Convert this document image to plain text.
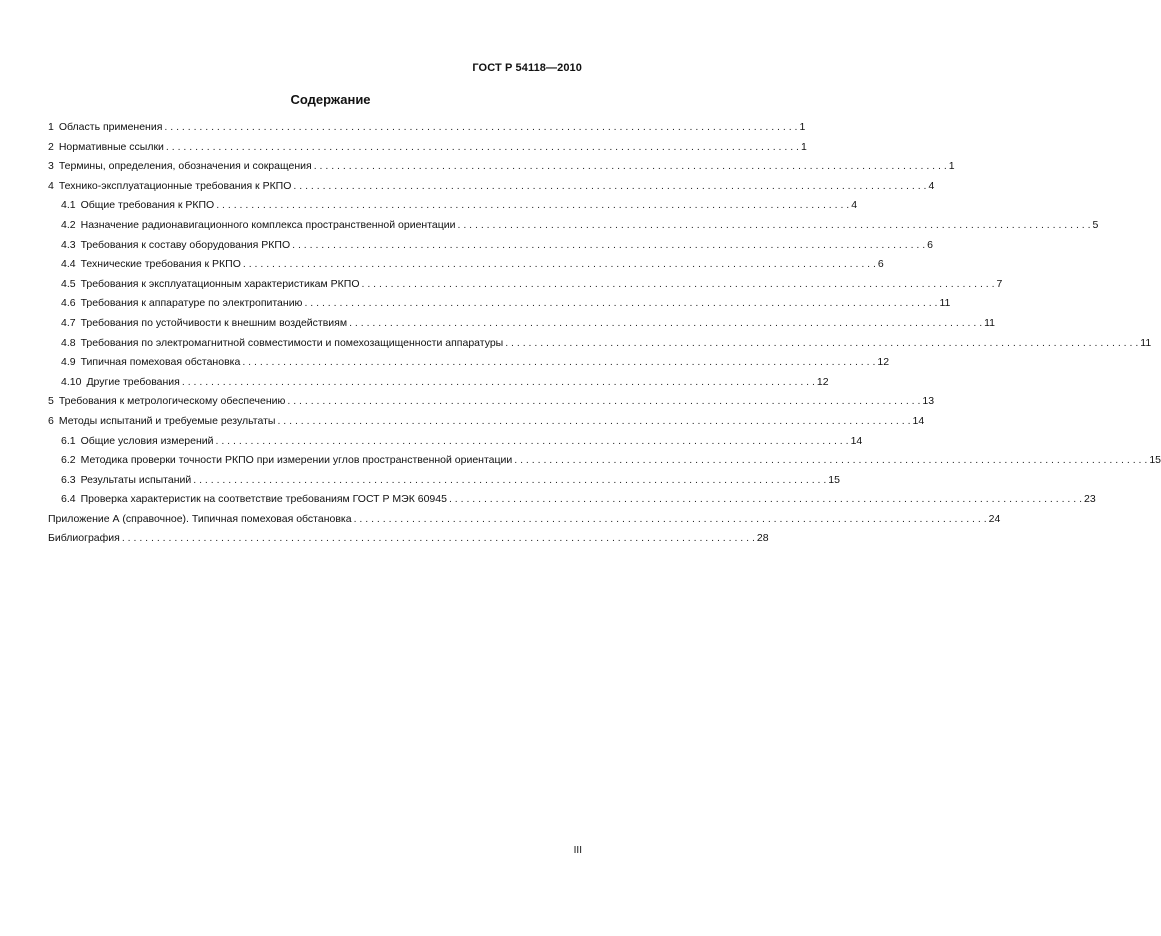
ГОСТ Р 54118—2010
Содержание
1 Область применения . . .	1
2 Нормативные ссылки . . .	1
3 Термины, определения, обозначения и сокращения . . .	1
4 Технико-эксплуатационные требования к РКПО . . .	4
4.1 Общие требования к РКПО . . .	4
4.2 Назначение радионавигационного комплекса пространственной ориентации . . .	5
4.3 Требования к составу оборудования РКПО . . .	6
4.4 Технические требования к РКПО . . .	6
4.5 Требования к эксплуатационным характеристикам РКПО . . .	7
4.6 Требования к аппаратуре по электропитанию . . .	11
4.7 Требования по устойчивости к внешним воздействиям . . .	11
4.8 Требования по электромагнитной совместимости и помехозащищенности аппаратуры . . .	11
4.9 Типичная помеховая обстановка . . .	12
4.10 Другие требования . . .	12
5 Требования к метрологическому обеспечению . . .	13
6 Методы испытаний и требуемые результаты . . .	14
6.1 Общие условия измерений . . .	14
6.2 Методика проверки точности РКПО при измерении углов пространственной ориентации . . .	15
6.3 Результаты испытаний . . .	15
6.4 Проверка характеристик на соответствие требованиям ГОСТ Р МЭК 60945 . . .	23
Приложение А (справочное). Типичная помеховая обстановка . . .	24
Библиография . . .	28
III
